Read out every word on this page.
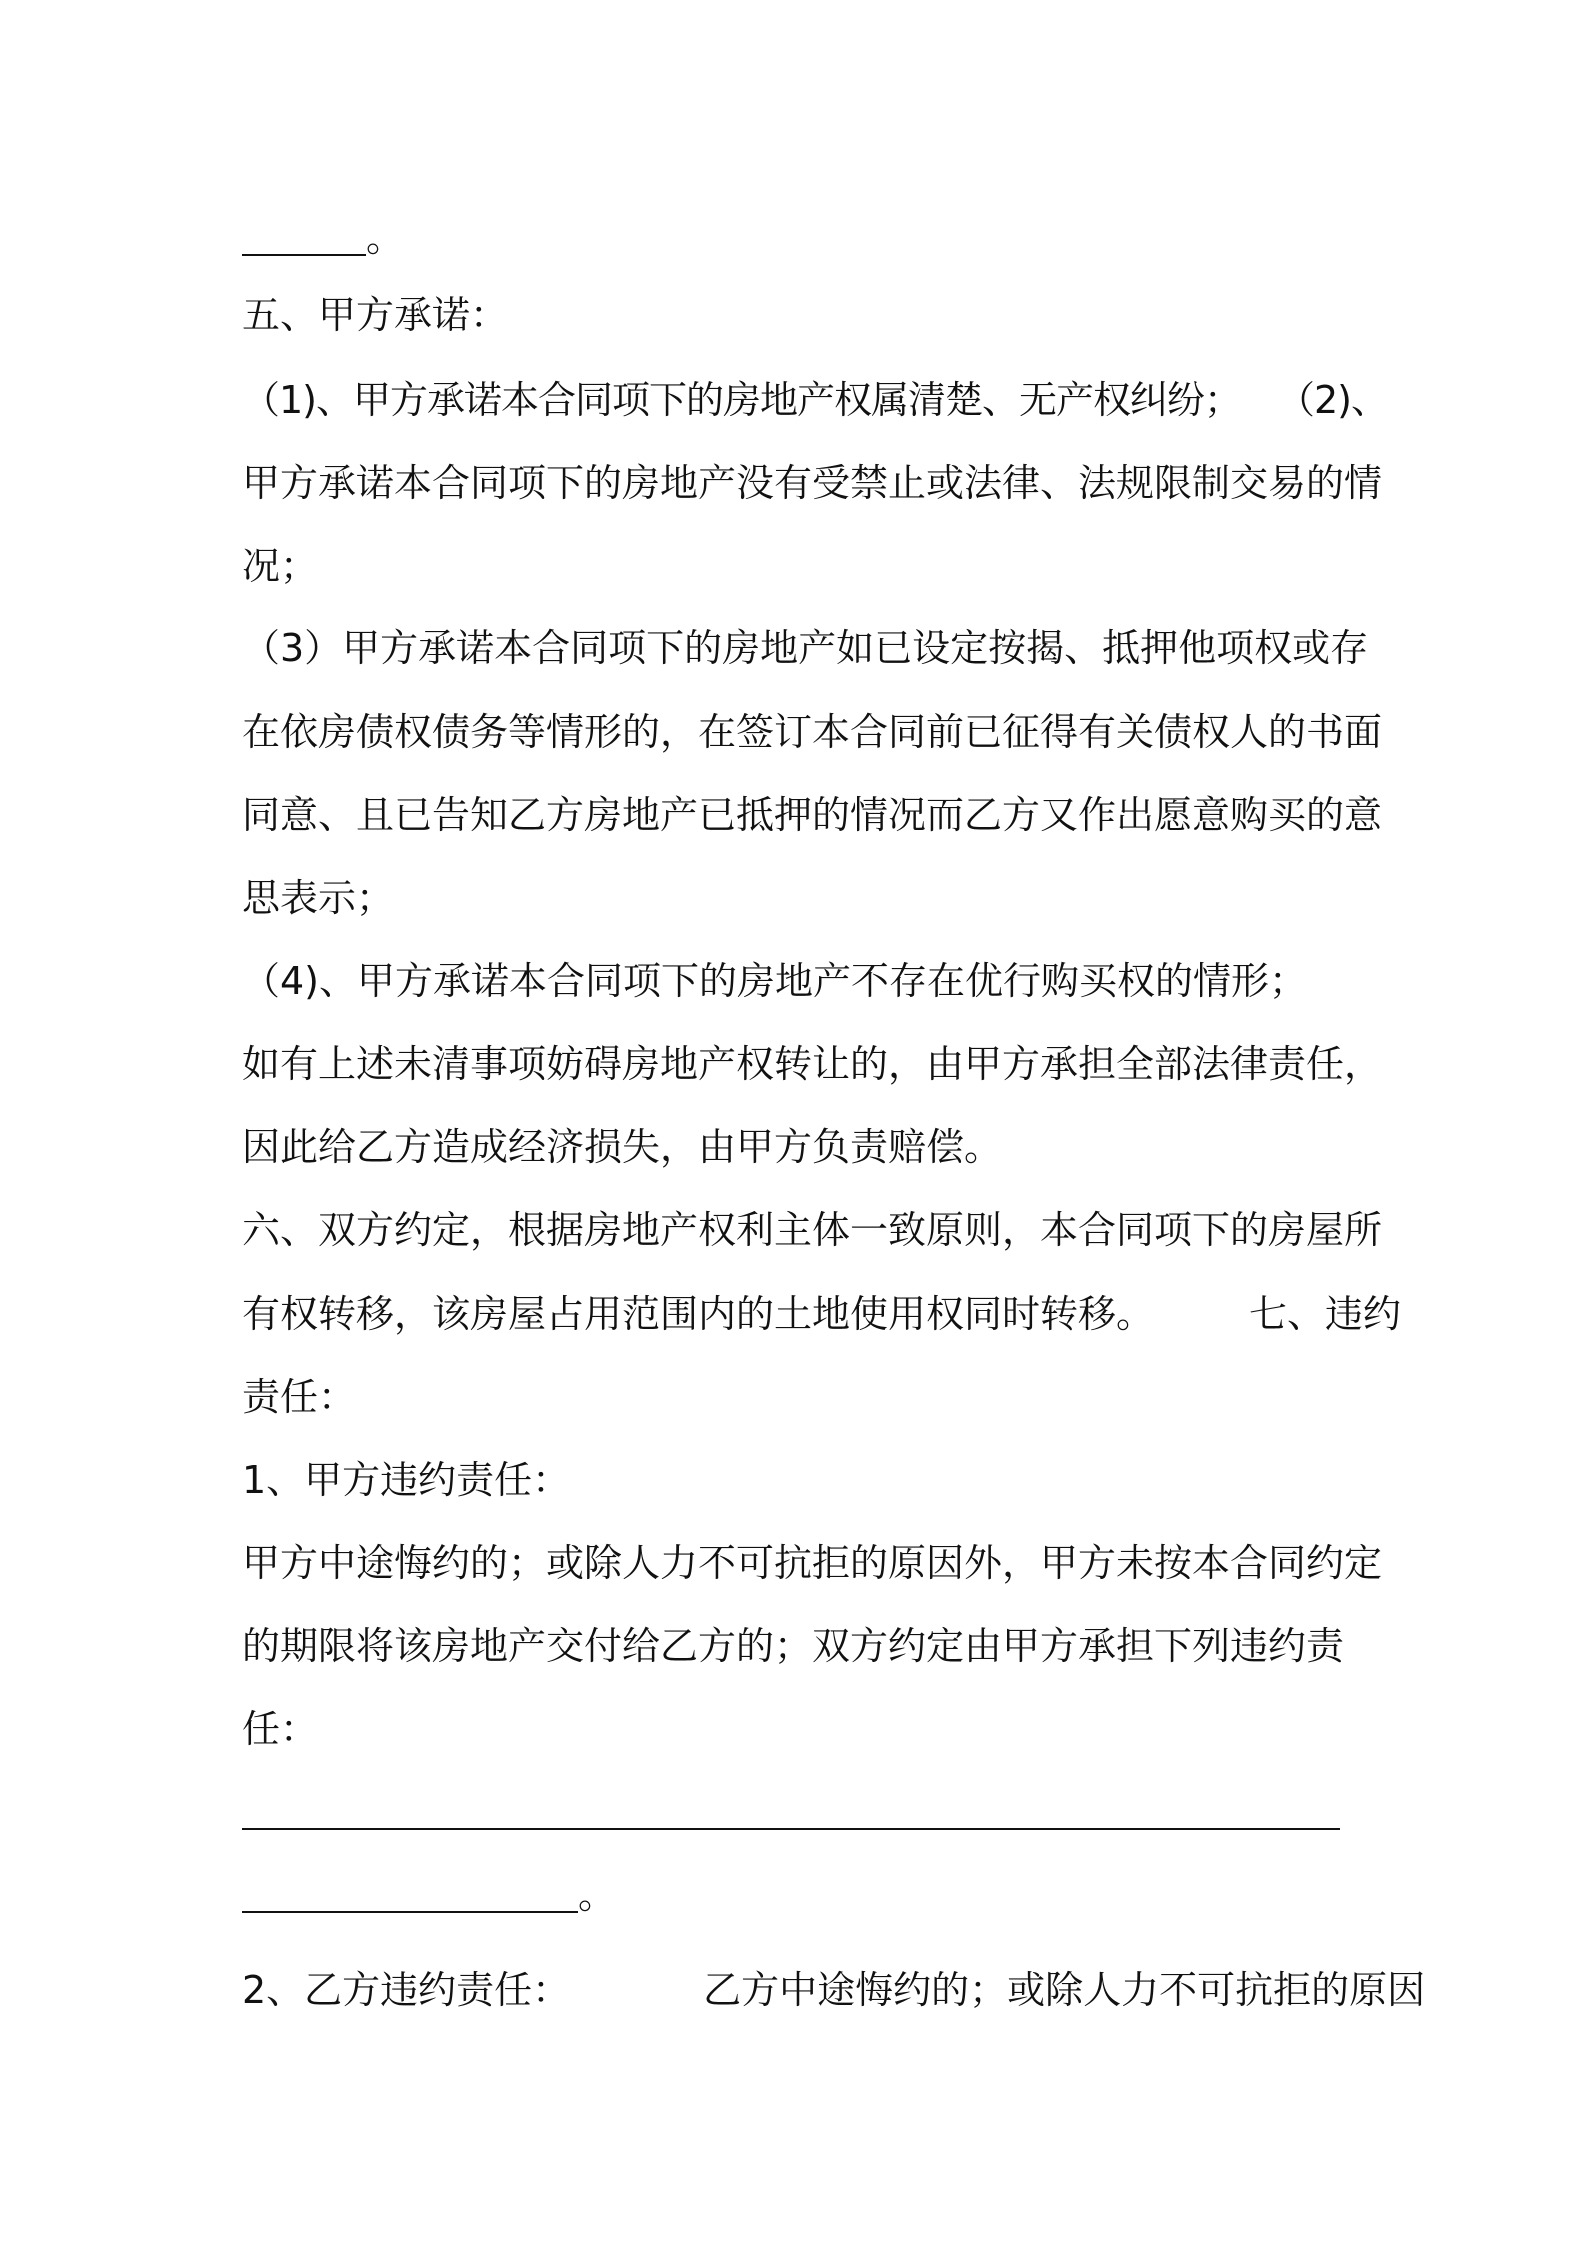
。
五、甲方承诺：
（1)、甲方承诺本合同项下的房地产权属清楚、无产权纠纷；　　（2)、
甲方承诺本合同项下的房地产没有受禁止或法律、法规限制交易的情
况；
（3）甲方承诺本合同项下的房地产如已设定按揭、抵押他项权或存
在依房债权债务等情形的，在签订本合同前已征得有关债权人的书面
同意、且已告知乙方房地产已抵押的情况而乙方又作出愿意购买的意
思表示；
（4)、甲方承诺本合同项下的房地产不存在优行购买权的情形；
如有上述未清事项妨碍房地产权转让的，由甲方承担全部法律责任，
因此给乙方造成经济损失，由甲方负责赔偿。
六、双方约定，根据房地产权利主体一致原则，本合同项下的房屋所
有权转移，该房屋占用范围内的土地使用权同时转移。　　　七、违约
责任：
1、甲方违约责任：
甲方中途悔约的；或除人力不可抗拒的原因外，甲方未按本合同约定
的期限将该房地产交付给乙方的；双方约定由甲方承担下列违约责
任：
。
2、乙方违约责任：　　　　乙方中途悔约的；或除人力不可抗拒的原因
